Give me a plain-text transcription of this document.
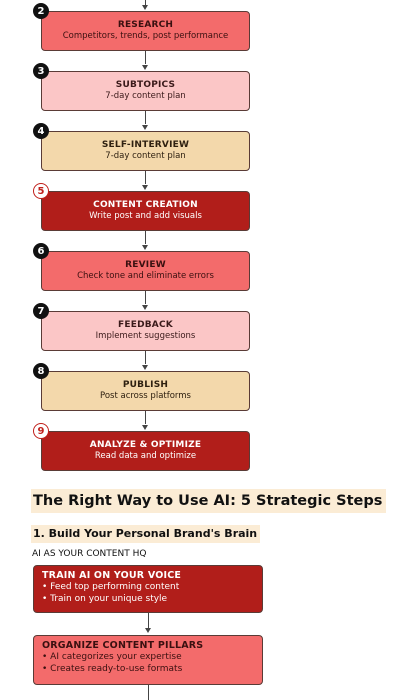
2
RESEARCH
Competitors, trends, post performance
3
SUBTOPICS
7-day content plan
4
SELF-INTERVIEW
7-day content plan
5
CONTENT CREATION
Write post and add visuals
6
REVIEW
Check tone and eliminate errors
7
FEEDBACK
Implement suggestions
8
PUBLISH
Post across platforms
9
ANALYZE & OPTIMIZE
Read data and optimize
The Right Way to Use AI: 5 Strategic Steps
1. Build Your Personal Brand's Brain
AI AS YOUR CONTENT HQ
TRAIN AI ON YOUR VOICE
• Feed top performing content
• Train on your unique style
ORGANIZE CONTENT PILLARS
• AI categorizes your expertise
• Creates ready-to-use formats
